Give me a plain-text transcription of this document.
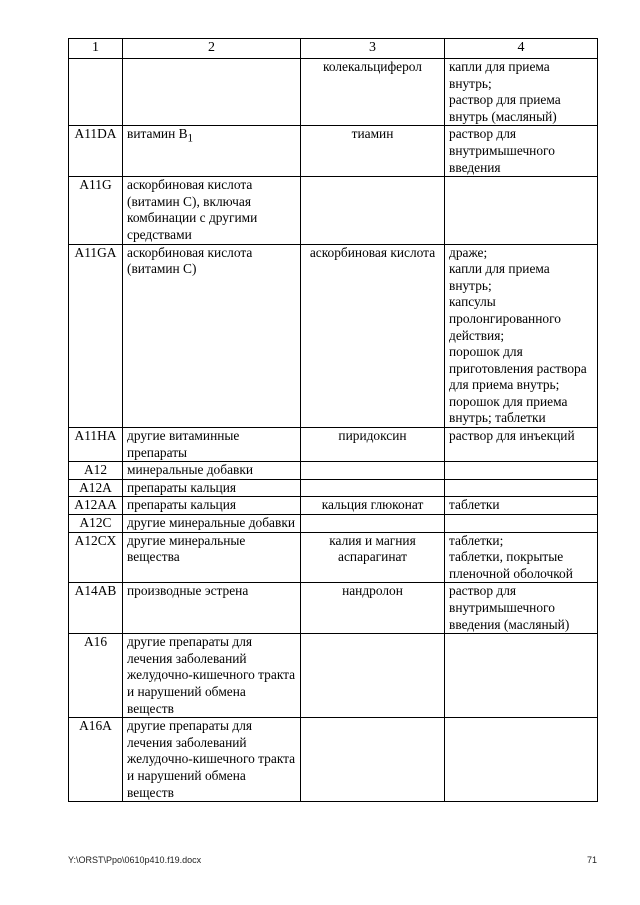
1	2	3	4
		колекальциферол	капли для приема внутрь;
раствор для приема внутрь (масляный)
A11DA	витамин $B_1$	тиамин	раствор для внутримышечного введения
A11G	аскорбиновая кислота (витамин C), включая комбинации с другими средствами		
A11GA	аскорбиновая кислота (витамин C)	аскорбиновая кислота	драже;
капли для приема внутрь;
капсулы пролонгированного действия;
порошок для приготовления раствора для приема внутрь;
порошок для приема внутрь; таблетки
A11HA	другие витаминные препараты	пиридоксин	раствор для инъекций
A12	минеральные добавки		
A12A	препараты кальция		
A12AA	препараты кальция	кальция глюконат	таблетки
A12C	другие минеральные добавки		
A12CX	другие минеральные вещества	калия и магния аспарагинат	таблетки;
таблетки, покрытые пленочной оболочкой
A14AB	производные эстрена	нандролон	раствор для внутримышечного введения (масляный)
A16	другие препараты для лечения заболеваний желудочно-кишечного тракта и нарушений обмена веществ		
A16A	другие препараты для лечения заболеваний желудочно-кишечного тракта и нарушений обмена веществ		
Y:\ORST\Ppo\0610p410.f19.docx	71
